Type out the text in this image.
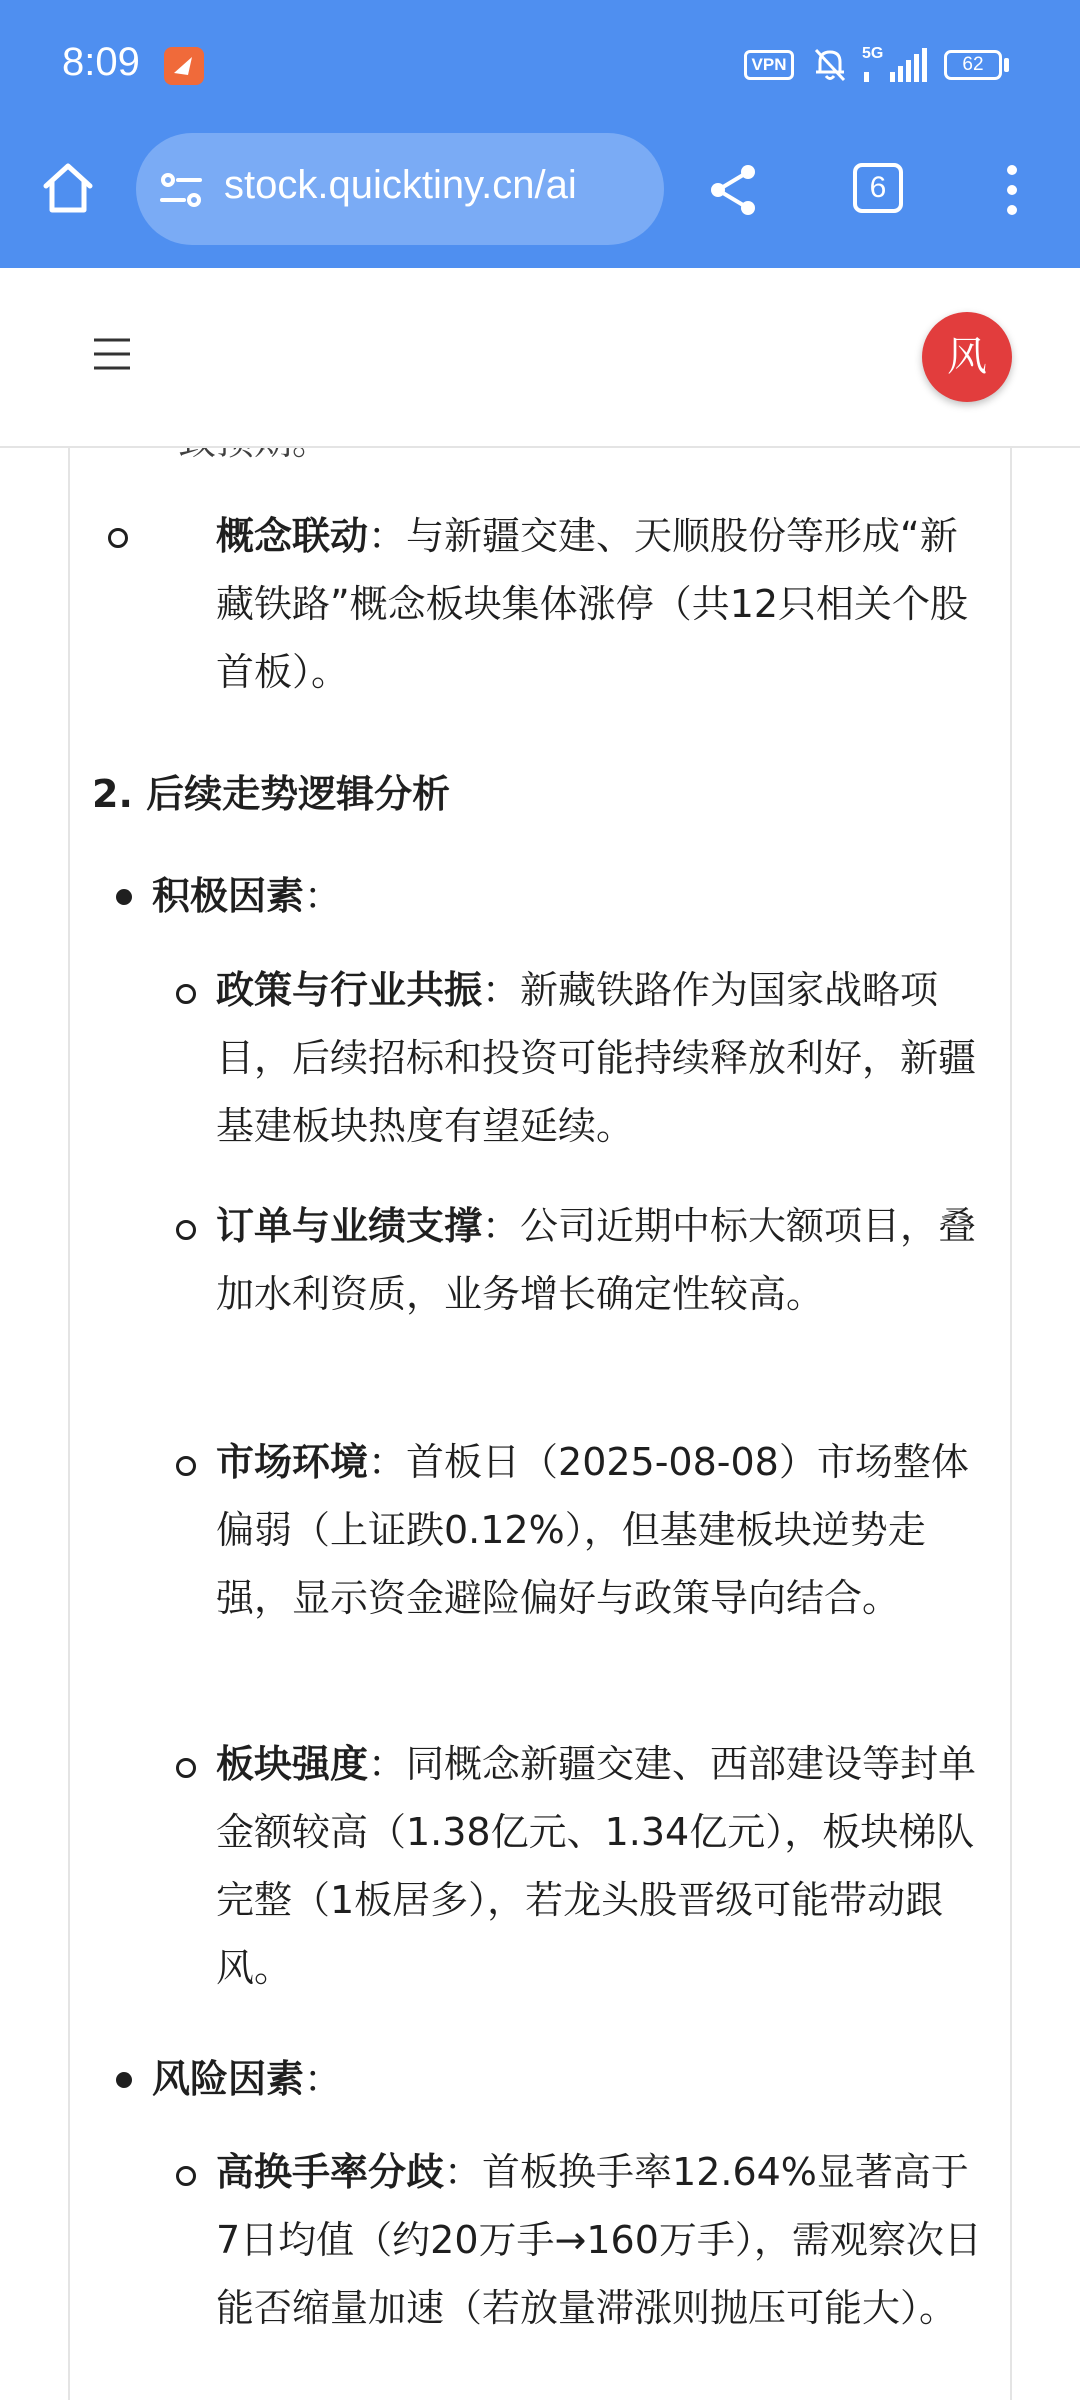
8:09	VPN
5G
62
stock.quicktiny.cn/ai	6
风
概念联动：与新疆交建、天顺股份等形成“新藏铁路”概念板块集体涨停（共12只相关个股首板）。
2. 后续走势逻辑分析
积极因素：
政策与行业共振：新藏铁路作为国家战略项目，后续招标和投资可能持续释放利好，新疆基建板块热度有望延续。
订单与业绩支撑：公司近期中标大额项目，叠加水利资质，业务增长确定性较高。
市场环境：首板日（2025-08-08）市场整体偏弱（上证跌0.12%），但基建板块逆势走强，显示资金避险偏好与政策导向结合。
板块强度：同概念新疆交建、西部建设等封单金额较高（1.38亿元、1.34亿元），板块梯队完整（1板居多），若龙头股晋级可能带动跟风。
风险因素：
高换手率分歧：首板换手率12.64%显著高于7日均值（约20万手→160万手），需观察次日能否缩量加速（若放量滞涨则抛压可能大）。
